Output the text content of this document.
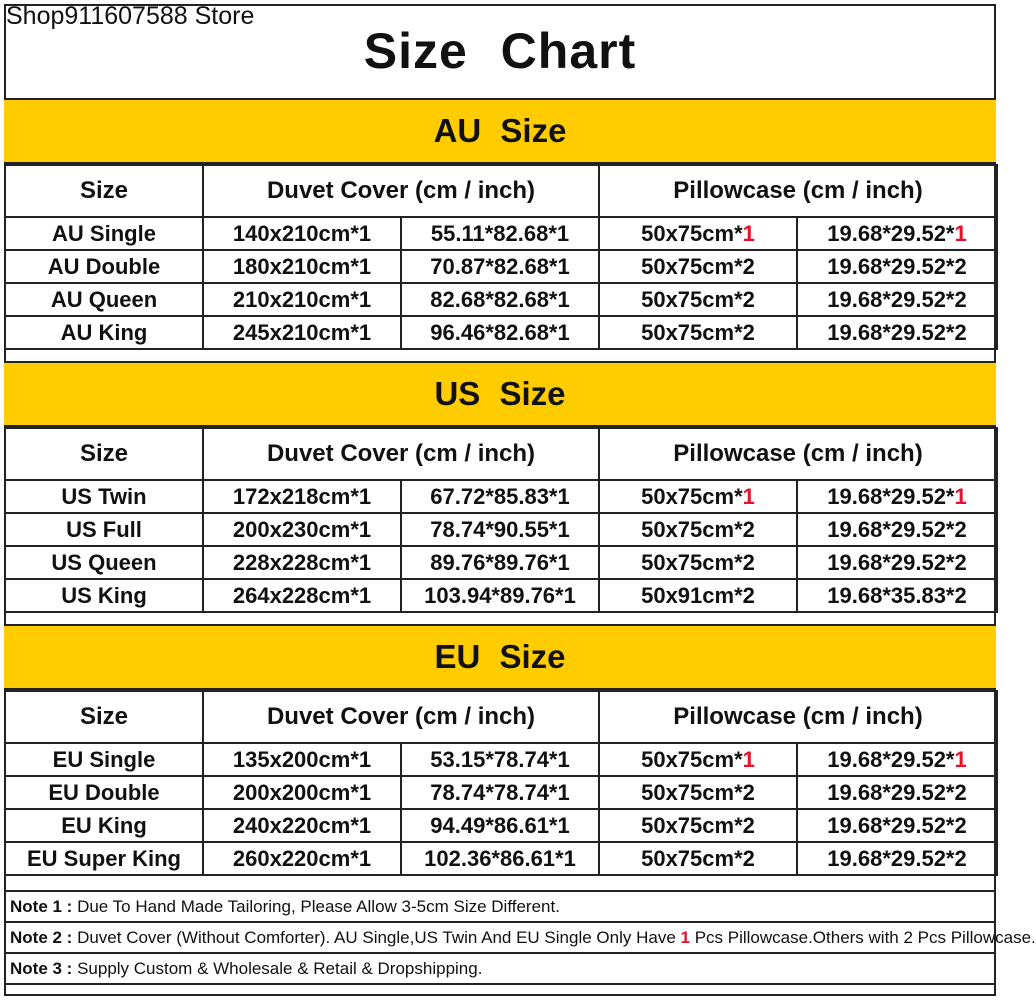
Shop911607588 Store
Size Chart
AU Size
Size	Duvet Cover (cm / inch)		Pillowcase (cm / inch)	
AU Single	140x210cm*1	55.11*82.68*1	50x75cm*1	19.68*29.52*1
AU Double	180x210cm*1	70.87*82.68*1	50x75cm*2	19.68*29.52*2
AU Queen	210x210cm*1	82.68*82.68*1	50x75cm*2	19.68*29.52*2
AU King	245x210cm*1	96.46*82.68*1	50x75cm*2	19.68*29.52*2
US Size
Size	Duvet Cover (cm / inch)		Pillowcase (cm / inch)	
US Twin	172x218cm*1	67.72*85.83*1	50x75cm*1	19.68*29.52*1
US Full	200x230cm*1	78.74*90.55*1	50x75cm*2	19.68*29.52*2
US Queen	228x228cm*1	89.76*89.76*1	50x75cm*2	19.68*29.52*2
US King	264x228cm*1	103.94*89.76*1	50x91cm*2	19.68*35.83*2
EU Size
Size	Duvet Cover (cm / inch)		Pillowcase (cm / inch)	
EU Single	135x200cm*1	53.15*78.74*1	50x75cm*1	19.68*29.52*1
EU Double	200x200cm*1	78.74*78.74*1	50x75cm*2	19.68*29.52*2
EU King	240x220cm*1	94.49*86.61*1	50x75cm*2	19.68*29.52*2
EU Super King	260x220cm*1	102.36*86.61*1	50x75cm*2	19.68*29.52*2
Note 1 : Due To Hand Made Tailoring, Please Allow 3-5cm Size Different.
Note 2 : Duvet Cover (Without Comforter). AU Single,US Twin And EU Single Only Have 1 Pcs Pillowcase.Others with 2 Pcs Pillowcase.
Note 3 : Supply Custom & Wholesale & Retail & Dropshipping.
